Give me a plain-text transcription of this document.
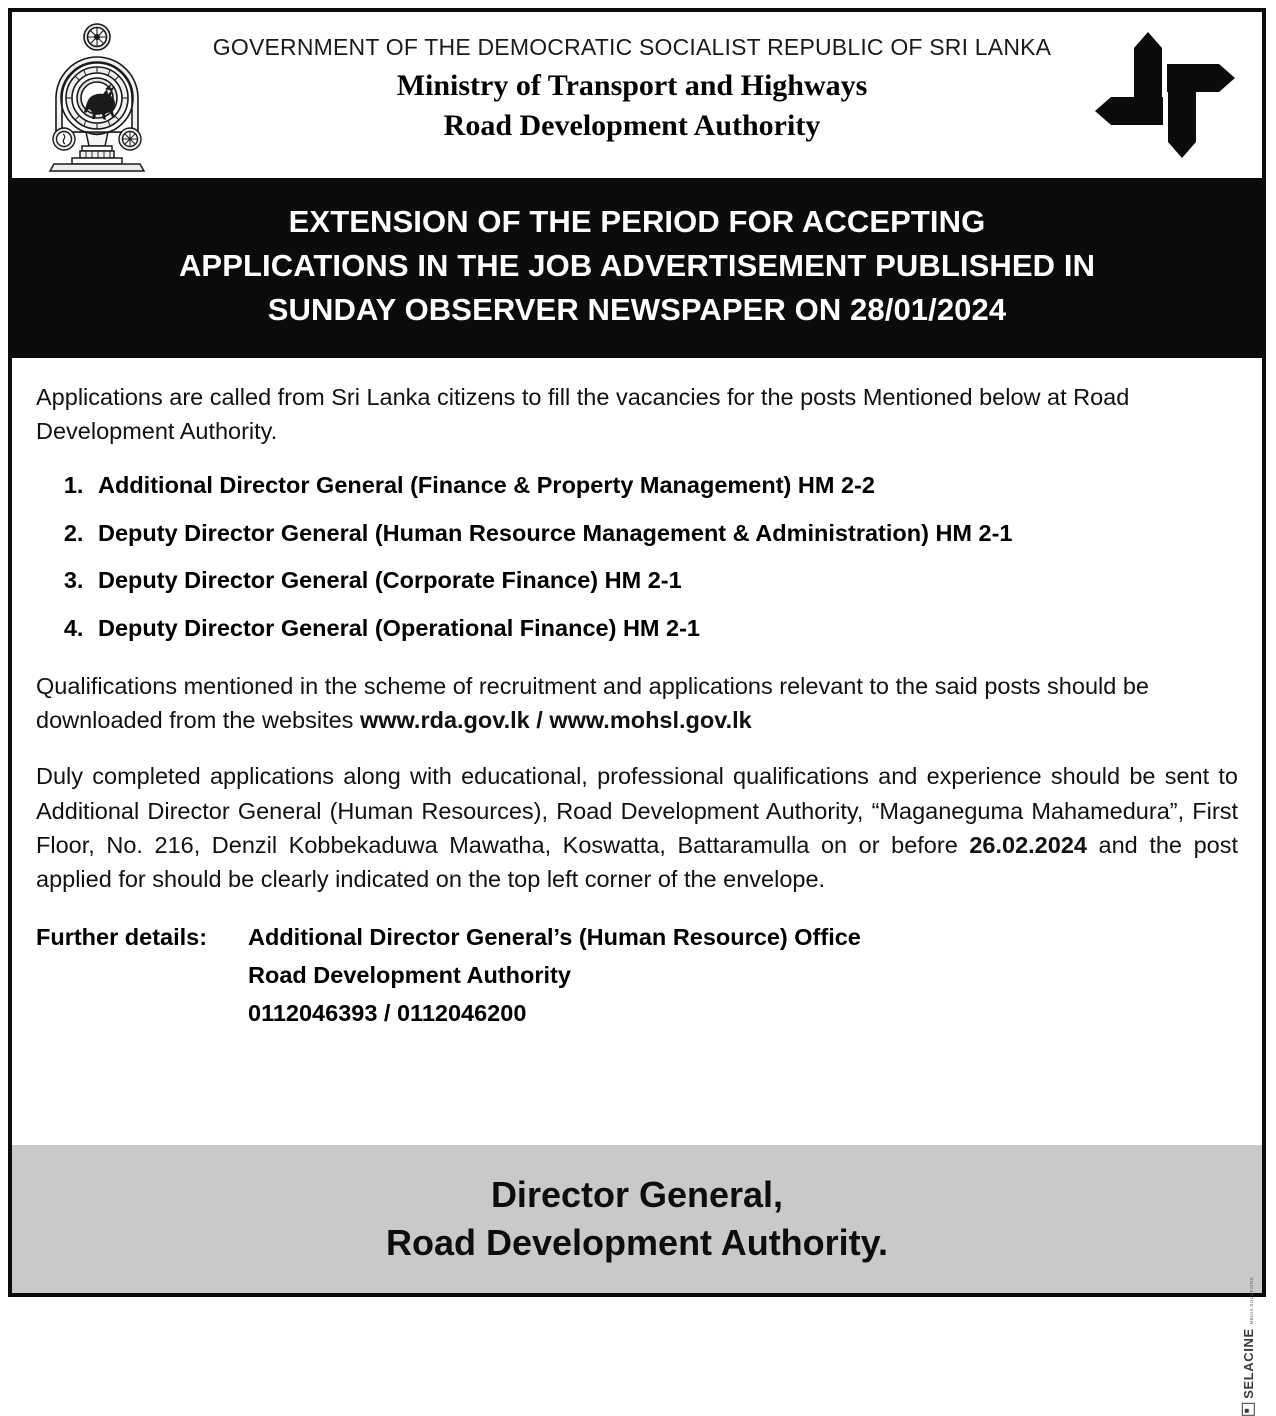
GOVERNMENT OF THE DEMOCRATIC SOCIALIST REPUBLIC OF SRI LANKA
Ministry of Transport and Highways
Road Development Authority
EXTENSION OF THE PERIOD FOR ACCEPTING
APPLICATIONS IN THE JOB ADVERTISEMENT PUBLISHED IN
SUNDAY OBSERVER NEWSPAPER ON 28/01/2024

Applications are called from Sri Lanka citizens to fill the vacancies for the posts Mentioned below at Road Development Authority.

1. Additional Director General (Finance & Property Management) HM 2-2
2. Deputy Director General (Human Resource Management & Administration) HM 2-1
3. Deputy Director General (Corporate Finance) HM 2-1
4. Deputy Director General (Operational Finance) HM 2-1

Qualifications mentioned in the scheme of recruitment and applications relevant to the said posts should be downloaded from the websites www.rda.gov.lk / www.mohsl.gov.lk

Duly completed applications along with educational, professional qualifications and experience should be sent to Additional Director General (Human Resources), Road Development Authority, “Maganeguma Mahamedura”, First Floor, No. 216, Denzil Kobbekaduwa Mawatha, Koswatta, Battaramulla on or before 26.02.2024 and the post applied for should be clearly indicated on the top left corner of the envelope.

Further details:	Additional Director General’s (Human Resource) Office
Road Development Authority
0112046393 / 0112046200
Director General,
Road Development Authority.
SELACINE
MEDIA SOLUTIONS
